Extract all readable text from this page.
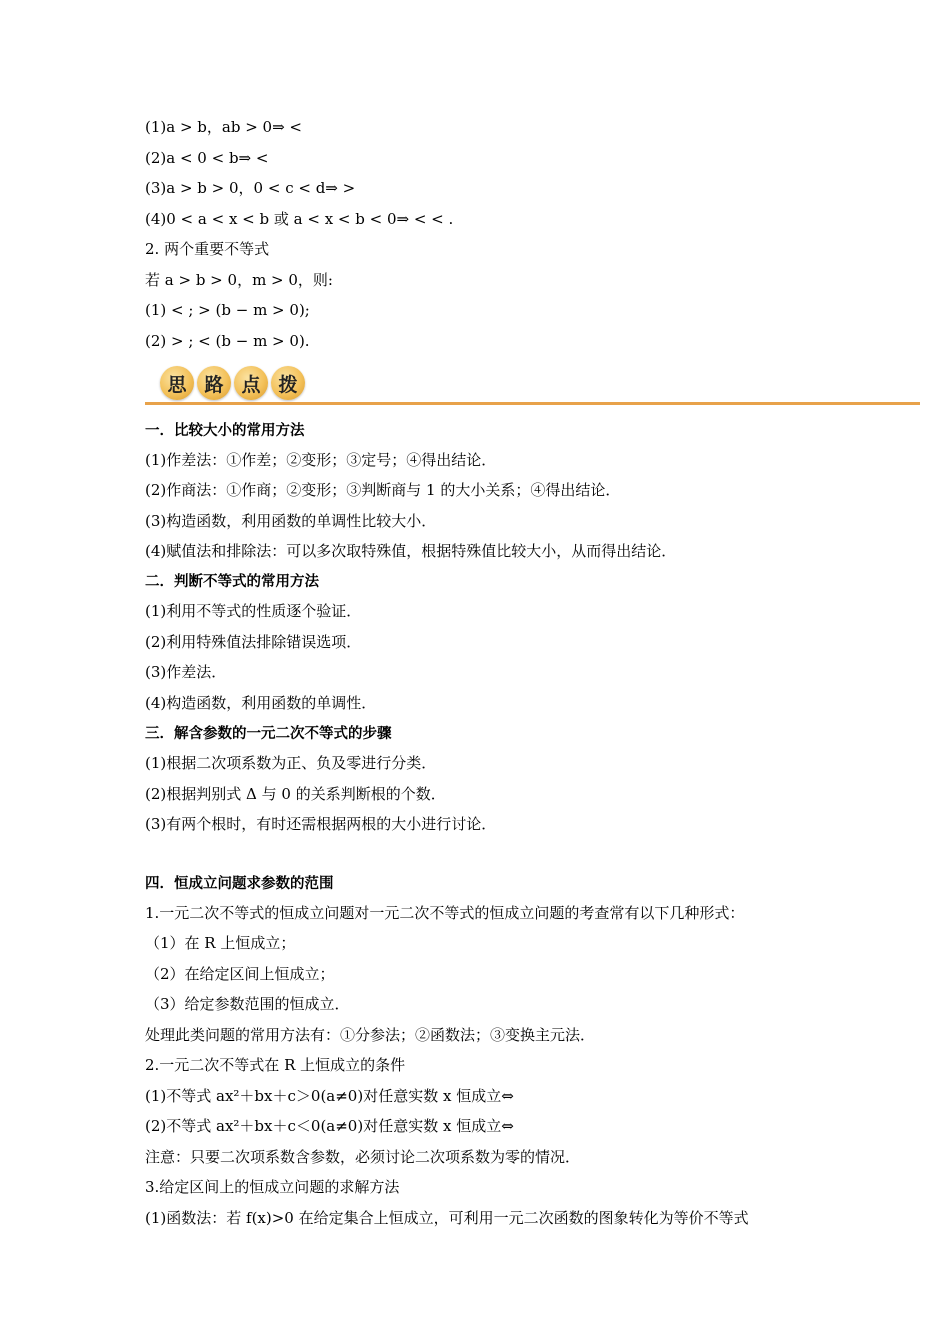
(1)a > b，ab > 0⇒ <
(2)a < 0 < b⇒ <
(3)a > b > 0，0 < c < d⇒ >
(4)0 < a < x < b 或 a < x < b < 0⇒ < < .
2. 两个重要不等式
若 a > b > 0，m > 0，则:
(1) < ; > (b − m > 0);
(2) > ; < (b − m > 0).
思 路 点 拨
一．比较大小的常用方法
(1)作差法：①作差；②变形；③定号；④得出结论．
(2)作商法：①作商；②变形；③判断商与 1 的大小关系；④得出结论．
(3)构造函数，利用函数的单调性比较大小．
(4)赋值法和排除法：可以多次取特殊值，根据特殊值比较大小，从而得出结论．
二．判断不等式的常用方法
(1)利用不等式的性质逐个验证．
(2)利用特殊值法排除错误选项．
(3)作差法．
(4)构造函数，利用函数的单调性．
三．解含参数的一元二次不等式的步骤
(1)根据二次项系数为正、负及零进行分类．
(2)根据判别式 Δ 与 0 的关系判断根的个数．
(3)有两个根时，有时还需根据两根的大小进行讨论．
四．恒成立问题求参数的范围
1.一元二次不等式的恒成立问题对一元二次不等式的恒成立问题的考查常有以下几种形式：
（1）在 R 上恒成立；
（2）在给定区间上恒成立；
（3）给定参数范围的恒成立．
处理此类问题的常用方法有：①分参法；②函数法；③变换主元法．
2.一元二次不等式在 R 上恒成立的条件
(1)不等式 ax²＋bx＋c＞0(a≠0)对任意实数 x 恒成立⇔
(2)不等式 ax²＋bx＋c＜0(a≠0)对任意实数 x 恒成立⇔
注意：只要二次项系数含参数，必须讨论二次项系数为零的情况．
3.给定区间上的恒成立问题的求解方法
(1)函数法：若 f(x)>0 在给定集合上恒成立，可利用一元二次函数的图象转化为等价不等式
